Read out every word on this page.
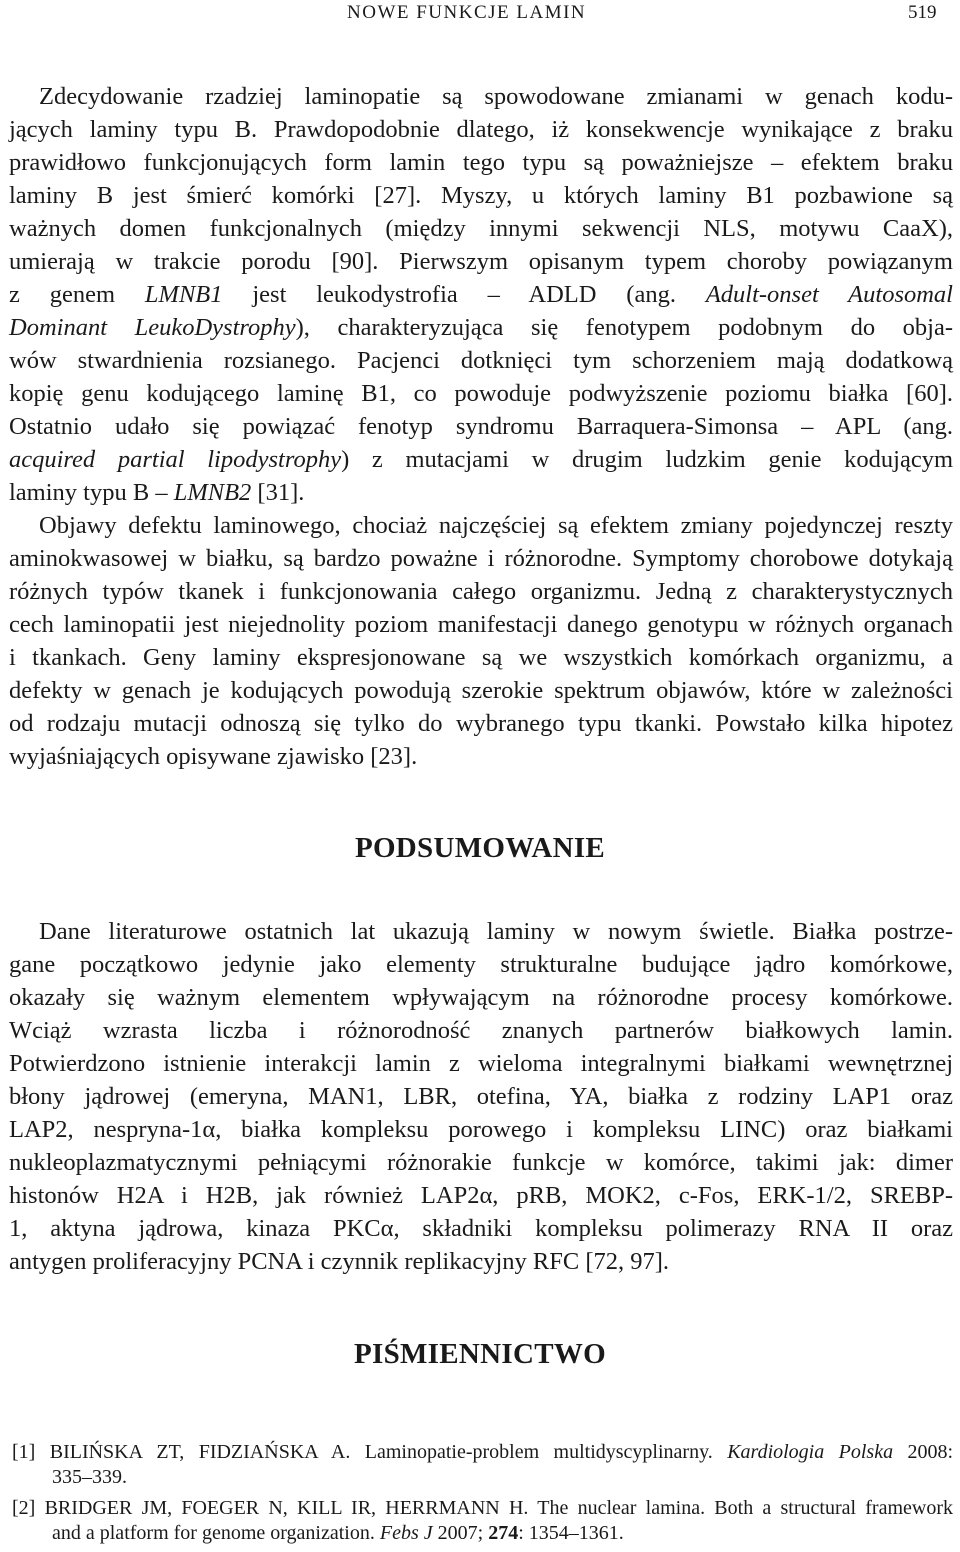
NOWE FUNKCJE LAMIN	519
Zdecydowanie rzadziej laminopatie są spowodowane zmianami w genach kodu-
jących laminy typu B. Prawdopodobnie dlatego, iż konsekwencje wynikające z braku
prawidłowo funkcjonujących form lamin tego typu są poważniejsze – efektem braku
laminy B jest śmierć komórki [27]. Myszy, u których laminy B1 pozbawione są
ważnych domen funkcjonalnych (między innymi sekwencji NLS, motywu CaaX),
umierają w trakcie porodu [90]. Pierwszym opisanym typem choroby powiązanym
z genem LMNB1 jest leukodystrofia – ADLD (ang. Adult-onset Autosomal
Dominant LeukoDystrophy), charakteryzująca się fenotypem podobnym do obja-
wów stwardnienia rozsianego. Pacjenci dotknięci tym schorzeniem mają dodatkową
kopię genu kodującego laminę B1, co powoduje podwyższenie poziomu białka [60].
Ostatnio udało się powiązać fenotyp syndromu Barraquera-Simonsa – APL (ang.
acquired partial lipodystrophy) z mutacjami w drugim ludzkim genie kodującym
laminy typu B – LMNB2 [31].
Objawy defektu laminowego, chociaż najczęściej są efektem zmiany pojedynczej reszty
aminokwasowej w białku, są bardzo poważne i różnorodne. Symptomy chorobowe dotykają
różnych typów tkanek i funkcjonowania całego organizmu. Jedną z charakterystycznych
cech laminopatii jest niejednolity poziom manifestacji danego genotypu w różnych organach
i tkankach. Geny laminy ekspresjonowane są we wszystkich komórkach organizmu, a
defekty w genach je kodujących powodują szerokie spektrum objawów, które w zależności
od rodzaju mutacji odnoszą się tylko do wybranego typu tkanki. Powstało kilka hipotez
wyjaśniających opisywane zjawisko [23].
PODSUMOWANIE
Dane literaturowe ostatnich lat ukazują laminy w nowym świetle. Białka postrze-
gane początkowo jedynie jako elementy strukturalne budujące jądro komórkowe,
okazały się ważnym elementem wpływającym na różnorodne procesy komórkowe.
Wciąż wzrasta liczba i różnorodność znanych partnerów białkowych lamin.
Potwierdzono istnienie interakcji lamin z wieloma integralnymi białkami wewnętrznej
błony jądrowej (emeryna, MAN1, LBR, otefina, YA, białka z rodziny LAP1 oraz
LAP2, nespryna-1α, białka kompleksu porowego i kompleksu LINC) oraz białkami
nukleoplazmatycznymi pełniącymi różnorakie funkcje w komórce, takimi jak: dimer
histonów H2A i H2B, jak również LAP2α, pRB, MOK2, c-Fos, ERK-1/2, SREBP-
1, aktyna jądrowa, kinaza PKCα, składniki kompleksu polimerazy RNA II oraz
antygen proliferacyjny PCNA i czynnik replikacyjny RFC [72, 97].
PIŚMIENNICTWO
[1] BILIŃSKA ZT, FIDZIAŃSKA A. Laminopatie-problem multidyscyplinarny. Kardiologia Polska 2008:
335–339.
[2] BRIDGER JM, FOEGER N, KILL IR, HERRMANN H. The nuclear lamina. Both a structural framework
and a platform for genome organization. Febs J 2007; 274: 1354–1361.
